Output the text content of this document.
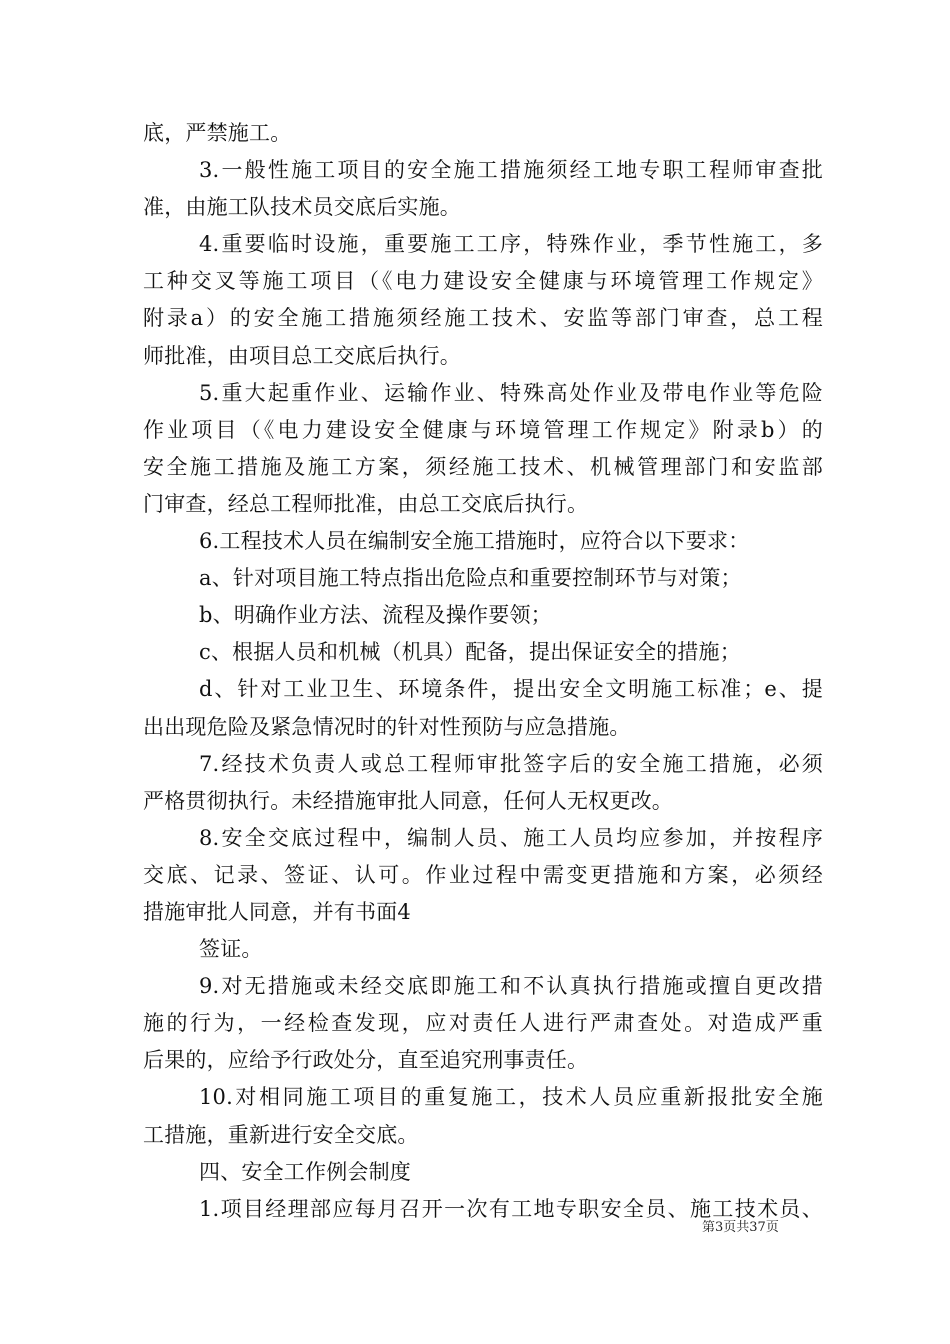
底，严禁施工。
3.一般性施工项目的安全施工措施须经工地专职工程师审查批
准，由施工队技术员交底后实施。
4.重要临时设施，重要施工工序，特殊作业，季节性施工，多
工种交叉等施工项目（《电力建设安全健康与环境管理工作规定》
附录a）的安全施工措施须经施工技术、安监等部门审查，总工程
师批准，由项目总工交底后执行。
5.重大起重作业、运输作业、特殊高处作业及带电作业等危险
作业项目（《电力建设安全健康与环境管理工作规定》附录b）的
安全施工措施及施工方案，须经施工技术、机械管理部门和安监部
门审查，经总工程师批准，由总工交底后执行。
6.工程技术人员在编制安全施工措施时，应符合以下要求：
a、针对项目施工特点指出危险点和重要控制环节与对策；
b、明确作业方法、流程及操作要领；
c、根据人员和机械（机具）配备，提出保证安全的措施；
d、针对工业卫生、环境条件，提出安全文明施工标准；e、提
出出现危险及紧急情况时的针对性预防与应急措施。
7.经技术负责人或总工程师审批签字后的安全施工措施，必须
严格贯彻执行。未经措施审批人同意，任何人无权更改。
8.安全交底过程中，编制人员、施工人员均应参加，并按程序
交底、记录、签证、认可。作业过程中需变更措施和方案，必须经
措施审批人同意，并有书面4
签证。
9.对无措施或未经交底即施工和不认真执行措施或擅自更改措
施的行为，一经检查发现，应对责任人进行严肃查处。对造成严重
后果的，应给予行政处分，直至追究刑事责任。
10.对相同施工项目的重复施工，技术人员应重新报批安全施
工措施，重新进行安全交底。
四、安全工作例会制度
1.项目经理部应每月召开一次有工地专职安全员、施工技术员、
第3页共37页
